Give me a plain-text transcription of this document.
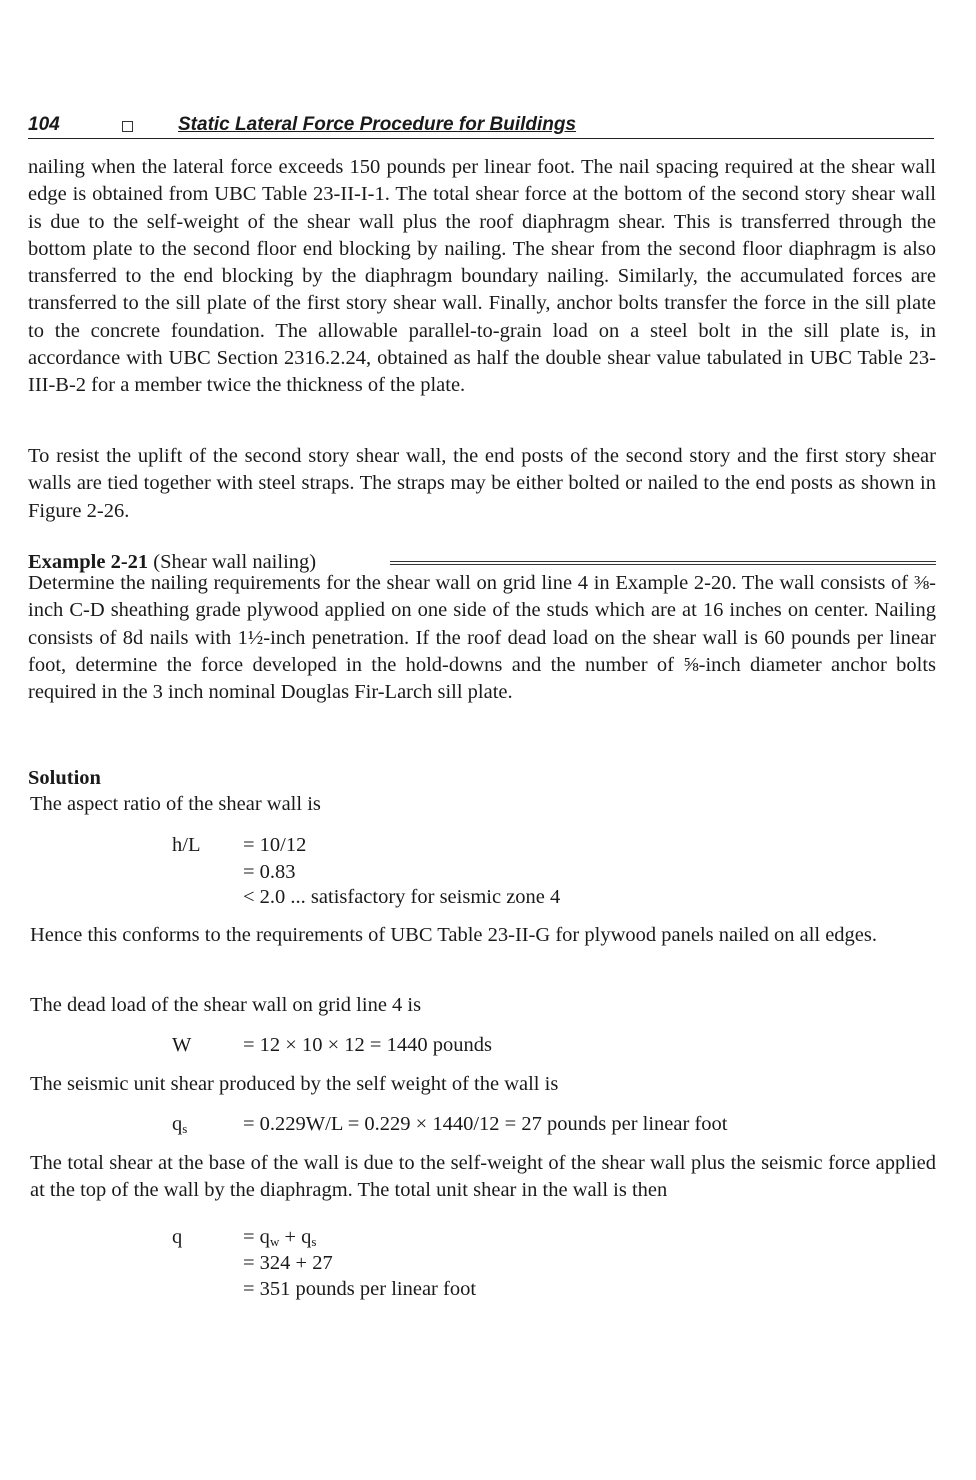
104	Static Lateral Force Procedure for Buildings

nailing when the lateral force exceeds 150 pounds per linear foot. The nail spacing required at the shear wall edge is obtained from UBC Table 23-II-I-1. The total shear force at the bottom of the second story shear wall is due to the self-weight of the shear wall plus the roof diaphragm shear. This is transferred through the bottom plate to the second floor end blocking by nailing. The shear from the second floor diaphragm is also transferred to the end blocking by the diaphragm boundary nailing. Similarly, the accumulated forces are transferred to the sill plate of the first story shear wall. Finally, anchor bolts transfer the force in the sill plate to the concrete foundation. The allowable parallel-to-grain load on a steel bolt in the sill plate is, in accordance with UBC Section 2316.2.24, obtained as half the double shear value tabulated in UBC Table 23-III-B-2 for a member twice the thickness of the plate.

To resist the uplift of the second story shear wall, the end posts of the second story and the first story shear walls are tied together with steel straps. The straps may be either bolted or nailed to the end posts as shown in Figure 2-26.

Example 2-21 (Shear wall nailing)

Determine the nailing requirements for the shear wall on grid line 4 in Example 2-20. The wall consists of ⅜-inch C-D sheathing grade plywood applied on one side of the studs which are at 16 inches on center. Nailing consists of 8d nails with 1½-inch penetration. If the roof dead load on the shear wall is 60 pounds per linear foot, determine the force developed in the hold-downs and the number of ⅝-inch diameter anchor bolts required in the 3 inch nominal Douglas Fir-Larch sill plate.

Solution
The aspect ratio of the shear wall is
h/L = 10/12
= 0.83
< 2.0 ... satisfactory for seismic zone 4

Hence this conforms to the requirements of UBC Table 23-II-G for plywood panels nailed on all edges.

The dead load of the shear wall on grid line 4 is
W	= 12 × 10 × 12 = 1440 pounds
The seismic unit shear produced by the self weight of the wall is
$q_s$	= 0.229W/L = 0.229 × 1440/12 = 27 pounds per linear foot

The total shear at the base of the wall is due to the self-weight of the shear wall plus the seismic force applied at the top of the wall by the diaphragm. The total unit shear in the wall is then

q	= $q_w + q_s$
= 324 + 27
= 351 pounds per linear foot
